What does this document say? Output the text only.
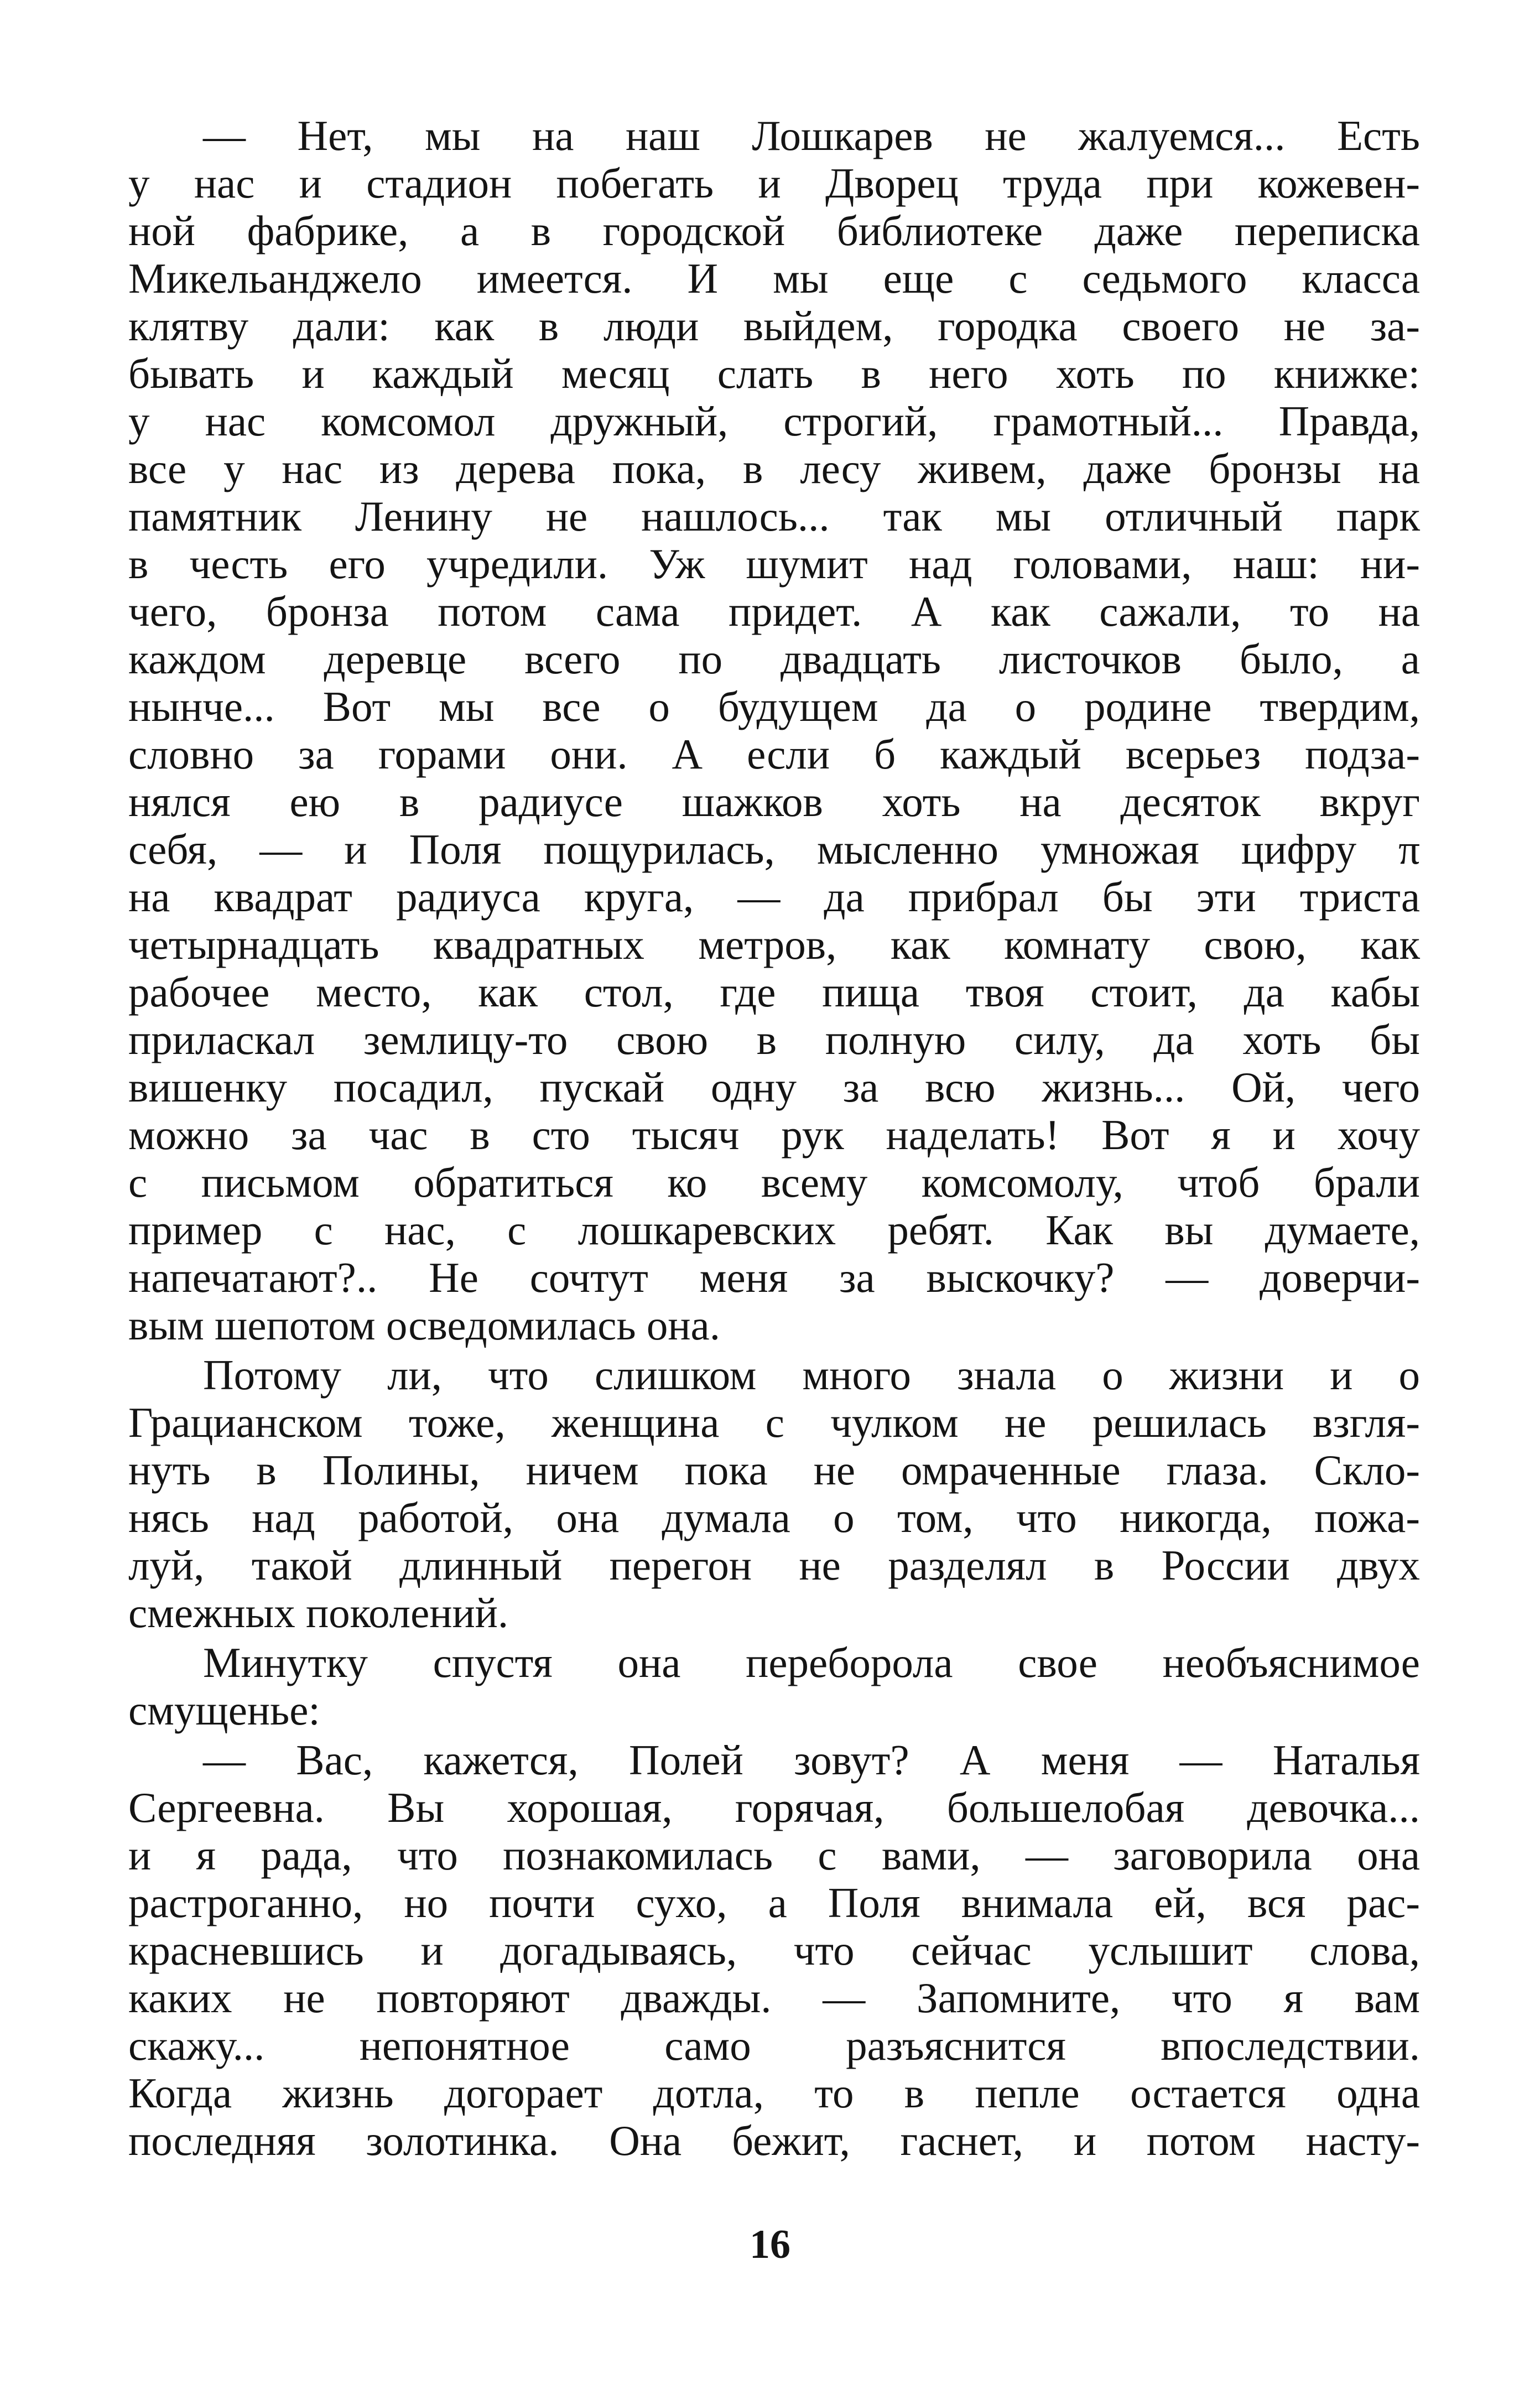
— Нет, мы на наш Лошкарев не жалуемся... Есть
у нас и стадион побегать и Дворец труда при кожевен-
ной фабрике, а в городской библиотеке даже переписка
Микельанджело имеется. И мы еще с седьмого класса
клятву дали: как в люди выйдем, городка своего не за-
бывать и каждый месяц слать в него хоть по книжке:
у нас комсомол дружный, строгий, грамотный... Правда,
все у нас из дерева пока, в лесу живем, даже бронзы на
памятник Ленину не нашлось... так мы отличный парк
в честь его учредили. Уж шумит над головами, наш: ни-
чего, бронза потом сама придет. А как сажали, то на
каждом деревце всего по двадцать листочков было, а
нынче... Вот мы все о будущем да о родине твердим,
словно за горами они. А если б каждый всерьез подза-
нялся ею в радиусе шажков хоть на десяток вкруг
себя, — и Поля пощурилась, мысленно умножая цифру π
на квадрат радиуса круга, — да прибрал бы эти триста
четырнадцать квадратных метров, как комнату свою, как
рабочее место, как стол, где пища твоя стоит, да кабы
приласкал землицу-то свою в полную силу, да хоть бы
вишенку посадил, пускай одну за всю жизнь... Ой, чего
можно за час в сто тысяч рук наделать! Вот я и хочу
с письмом обратиться ко всему комсомолу, чтоб брали
пример с нас, с лошкаревских ребят. Как вы думаете,
напечатают?.. Не сочтут меня за выскочку? — доверчи-
вым шепотом осведомилась она.
Потому ли, что слишком много знала о жизни и о
Грацианском тоже, женщина с чулком не решилась взгля-
нуть в Полины, ничем пока не омраченные глаза. Скло-
нясь над работой, она думала о том, что никогда, пожа-
луй, такой длинный перегон не разделял в России двух
смежных поколений.
Минутку спустя она переборола свое необъяснимое
смущенье:
— Вас, кажется, Полей зовут? А меня — Наталья
Сергеевна. Вы хорошая, горячая, большелобая девочка...
и я рада, что познакомилась с вами, — заговорила она
растроганно, но почти сухо, а Поля внимала ей, вся рас-
красневшись и догадываясь, что сейчас услышит слова,
каких не повторяют дважды. — Запомните, что я вам
скажу... непонятное само разъяснится впоследствии.
Когда жизнь догорает дотла, то в пепле остается одна
последняя золотинка. Она бежит, гаснет, и потом насту-
16
